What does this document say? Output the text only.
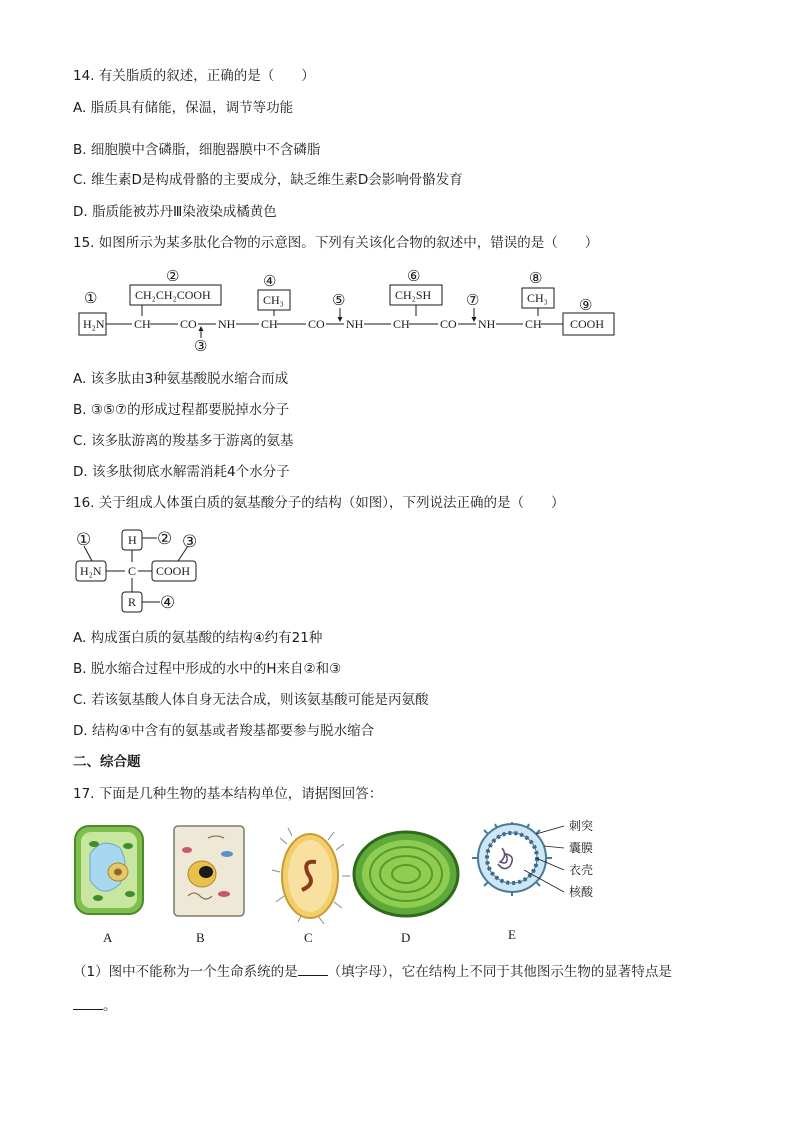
14. 有关脂质的叙述，正确的是（　　）
A. 脂质具有储能，保温，调节等功能
B. 细胞膜中含磷脂，细胞器膜中不含磷脂
C. 维生素D是构成骨骼的主要成分，缺乏维生素D会影响骨骼发育
D. 脂质能被苏丹Ⅲ染液染成橘黄色
15. 如图所示为某多肽化合物的示意图。下列有关该化合物的叙述中，错误的是（　　）
①
②
③
④
⑤
⑥
⑦
⑧
⑨
H₂N CH CO NH CH	CO NH CH	CO NH CH COOH
CH₂CH₂COOH	CH₃	CH₂SH	CH₃
A. 该多肽由3种氨基酸脱水缩合而成
B. ③⑤⑦的形成过程都要脱掉水分子
C. 该多肽游离的羧基多于游离的氨基
D. 该多肽彻底水解需消耗4个水分子
16. 关于组成人体蛋白质的氨基酸分子的结构（如图），下列说法正确的是（　　）
①	② ③
④
H₂N
H
C COOH
R
A. 构成蛋白质的氨基酸的结构④约有21种
B. 脱水缩合过程中形成的水中的H来自②和③
C. 若该氨基酸人体自身无法合成，则该氨基酸可能是丙氨酸
D. 结构④中含有的氨基或者羧基都要参与脱水缩合
二、综合题
17. 下面是几种生物的基本结构单位，请据图回答：
A	B	C	D
刺突
囊膜
衣壳
核酸
E
（1）图中不能称为一个生命系统的是 （填字母），它在结构上不同于其他图示生物的显著特点是
。
